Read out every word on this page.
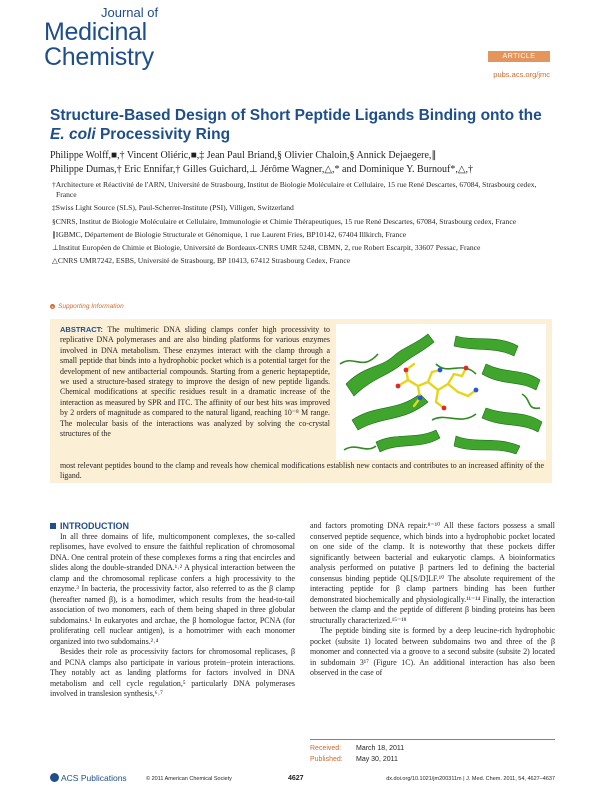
Journal of
Medicinal
Chemistry	ARTICLE
pubs.acs.org/jmc
Structure-Based Design of Short Peptide Ligands Binding onto the
E. coli Processivity Ring
Philippe Wolff,■,† Vincent Oliéric,■,‡ Jean Paul Briand,§ Olivier Chaloin,§ Annick Dejaegere,∥
Philippe Dumas,† Eric Ennifar,† Gilles Guichard,⊥ Jérôme Wagner,△,* and Dominique Y. Burnouf*,△,†

†Architecture et Réactivité de l'ARN, Université de Strasbourg, Institut de Biologie Moléculaire et Cellulaire, 15 rue René Descartes, 67084, Strasbourg cedex, France

‡Swiss Light Source (SLS), Paul-Scherrer-Institute (PSI), Villigen, Switzerland

§CNRS, Institut de Biologie Moléculaire et Cellulaire, Immunologie et Chimie Thérapeutiques, 15 rue René Descartes, 67084, Strasbourg cedex, France

∥IGBMC, Département de Biologie Structurale et Génomique, 1 rue Laurent Fries, BP10142, 67404 Illkirch, France

⊥Institut Européen de Chimie et Biologie, Université de Bordeaux-CNRS UMR 5248, CBMN, 2, rue Robert Escarpit, 33607 Pessac, France

△CNRS UMR7242, ESBS, Université de Strasbourg, BP 10413, 67412 Strasbourg Cedex, France

s Supporting Information
ABSTRACT: The multimeric DNA sliding clamps confer high processivity to replicative DNA polymerases and are also binding platforms for various enzymes involved in DNA metabolism. These enzymes interact with the clamp through a small peptide that binds into a hydrophobic pocket which is a potential target for the development of new antibacterial compounds. Starting from a generic heptapeptide, we used a structure-based strategy to improve the design of new peptide ligands. Chemical modifications at specific residues result in a dramatic increase of the interaction as measured by SPR and ITC. The affinity of our best hits was improved by 2 orders of magnitude as compared to the natural ligand, reaching 10⁻⁸ M range. The molecular basis of the interactions was analyzed by solving the co-crystal structures of the
most relevant peptides bound to the clamp and reveals how chemical modifications establish new contacts and contributes to an increased affinity of the ligand.

INTRODUCTION

In all three domains of life, multicomponent complexes, the so-called replisomes, have evolved to ensure the faithful replication of chromosomal DNA. One central protein of these complexes forms a ring that encircles and slides along the double-stranded DNA.¹˒² A physical interaction between the clamp and the chromosomal replicase confers a high processivity to the enzyme.³ In bacteria, the processivity factor, also referred to as the β clamp (hereafter named β), is a homodimer, which results from the head-to-tail association of two monomers, each of them being shaped in three globular subdomains.¹ In eukaryotes and archae, the β homologue factor, PCNA (for proliferating cell nuclear antigen), is a homotrimer with each monomer organized into two subdomains.²˒⁴

Besides their role as processivity factors for chromosomal replicases, β and PCNA clamps also participate in various protein−protein interactions. They notably act as landing platforms for factors involved in DNA metabolism and cell cycle regulation,⁵ particularly DNA polymerases involved in translesion synthesis,⁶˒⁷

and factors promoting DNA repair.⁸⁻¹⁰ All these factors possess a small conserved peptide sequence, which binds into a hydrophobic pocket located on one side of the clamp. It is noteworthy that these pockets differ significantly between bacterial and eukaryotic clamps. A bioinformatics analysis performed on putative β partners led to defining the bacterial consensus binding peptide QL[S/D]LF.¹⁰ The absolute requirement of the interacting peptide for β clamp partners binding has been further demonstrated biochemically and physiologically.¹¹⁻¹⁴ Finally, the interaction between the clamp and the peptide of different β binding proteins has been structurally characterized.¹⁵⁻¹⁸

The peptide binding site is formed by a deep leucine-rich hydrophobic pocket (subsite 1) located between subdomains two and three of the β monomer and connected via a groove to a second subsite (subsite 2) located in subdomain 3¹⁷ (Figure 1C). An additional interaction has also been observed in the case of

Received: March 18, 2011
Published: May 30, 2011
ACS Publications	© 2011 American Chemical Society	4627	dx.doi.org/10.1021/jm200311m | J. Med. Chem. 2011, 54, 4627–4637
